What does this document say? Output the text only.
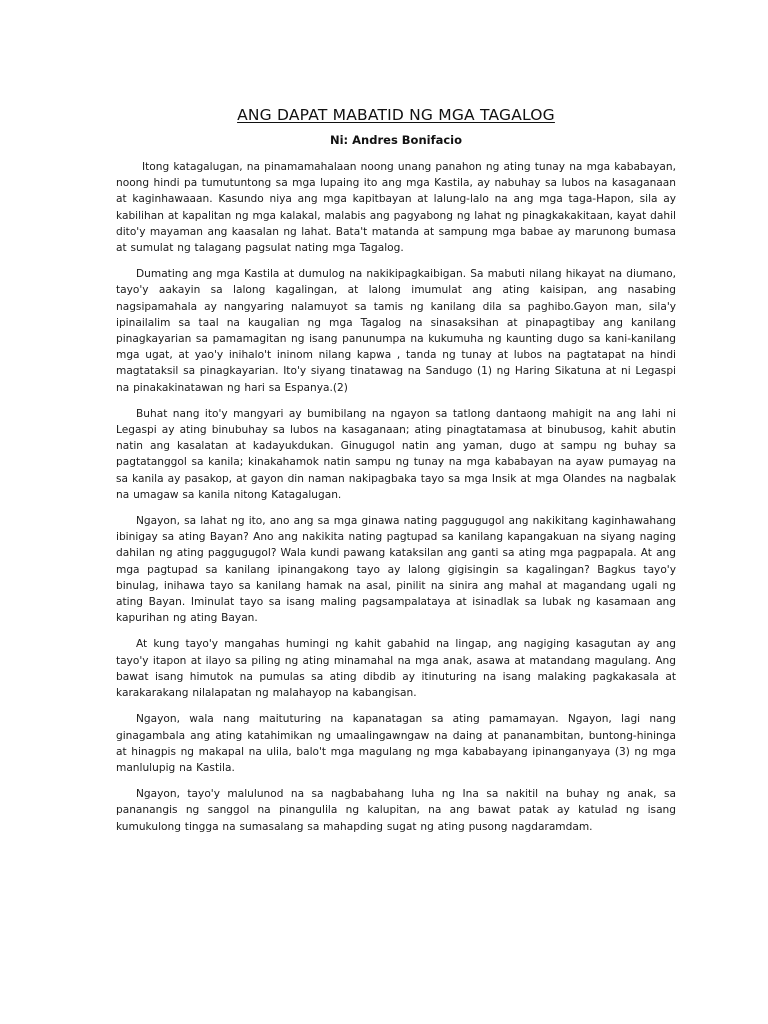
ANG DAPAT MABATID NG MGA TAGALOG
Ni: Andres Bonifacio

Itong katagalugan, na pinamamahalaan noong unang panahon ng ating tunay na mga kababayan, noong hindi pa tumutuntong sa mga lupaing ito ang mga Kastila, ay nabuhay sa lubos na kasaganaan at kaginhawaaan. Kasundo niya ang mga kapitbayan at lalung-lalo na ang mga taga-Hapon, sila ay kabilihan at kapalitan ng mga kalakal, malabis ang pagyabong ng lahat ng pinagkakakitaan, kayat dahil dito'y mayaman ang kaasalan ng lahat. Bata't matanda at sampung mga babae ay marunong bumasa at sumulat ng talagang pagsulat nating mga Tagalog.

Dumating ang mga Kastila at dumulog na nakikipagkaibigan. Sa mabuti nilang hikayat na diumano, tayo'y aakayin sa lalong kagalingan, at lalong imumulat ang ating kaisipan, ang nasabing nagsipamahala ay nangyaring nalamuyot sa tamis ng kanilang dila sa paghibo.Gayon man, sila'y ipinailalim sa taal na kaugalian ng mga Tagalog na sinasaksihan at pinapagtibay ang kanilang pinagkayarian sa pamamagitan ng isang panunumpa na kukumuha ng kaunting dugo sa kani-kanilang mga ugat, at yao'y inihalo't ininom nilang kapwa , tanda ng tunay at lubos na pagtatapat na hindi magtataksil sa pinagkayarian. Ito'y siyang tinatawag na Sandugo (1) ng Haring Sikatuna at ni Legaspi na pinakakinatawan ng hari sa Espanya.(2)

Buhat nang ito'y mangyari ay bumibilang na ngayon sa tatlong dantaong mahigit na ang lahi ni Legaspi ay ating binubuhay sa lubos na kasaganaan; ating pinagtatamasa at binubusog, kahit abutin natin ang kasalatan at kadayukdukan. Ginugugol natin ang yaman, dugo at sampu ng buhay sa pagtatanggol sa kanila; kinakahamok natin sampu ng tunay na mga kababayan na ayaw pumayag na sa kanila ay pasakop, at gayon din naman nakipagbaka tayo sa mga Insik at mga Olandes na nagbalak na umagaw sa kanila nitong Katagalugan.

Ngayon, sa lahat ng ito, ano ang sa mga ginawa nating paggugugol ang nakikitang kaginhawahang ibinigay sa ating Bayan? Ano ang nakikita nating pagtupad sa kanilang kapangakuan na siyang naging dahilan ng ating paggugugol? Wala kundi pawang kataksilan ang ganti sa ating mga pagpapala. At ang mga pagtupad sa kanilang ipinangakong tayo ay lalong gigisingin sa kagalingan? Bagkus tayo'y binulag, inihawa tayo sa kanilang hamak na asal, pinilit na sinira ang mahal at magandang ugali ng ating Bayan. Iminulat tayo sa isang maling pagsampalataya at isinadlak sa lubak ng kasamaan ang kapurihan ng ating Bayan.

At kung tayo'y mangahas humingi ng kahit gabahid na lingap, ang nagiging kasagutan ay ang tayo'y itapon at ilayo sa piling ng ating minamahal na mga anak, asawa at matandang magulang. Ang bawat isang himutok na pumulas sa ating dibdib ay itinuturing na isang malaking pagkakasala at karakarakang nilalapatan ng malahayop na kabangisan.

Ngayon, wala nang maituturing na kapanatagan sa ating pamamayan. Ngayon, lagi nang ginagambala ang ating katahimikan ng umaalingawngaw na daing at pananambitan, buntong-hininga at hinagpis ng makapal na ulila, balo't mga magulang ng mga kababayang ipinanganyaya (3) ng mga manlulupig na Kastila.

Ngayon, tayo'y malulunod na sa nagbabahang luha ng Ina sa nakitil na buhay ng anak, sa pananangis ng sanggol na pinangulila ng kalupitan, na ang bawat patak ay katulad ng isang kumukulong tingga na sumasalang sa mahapding sugat ng ating pusong nagdaramdam.
